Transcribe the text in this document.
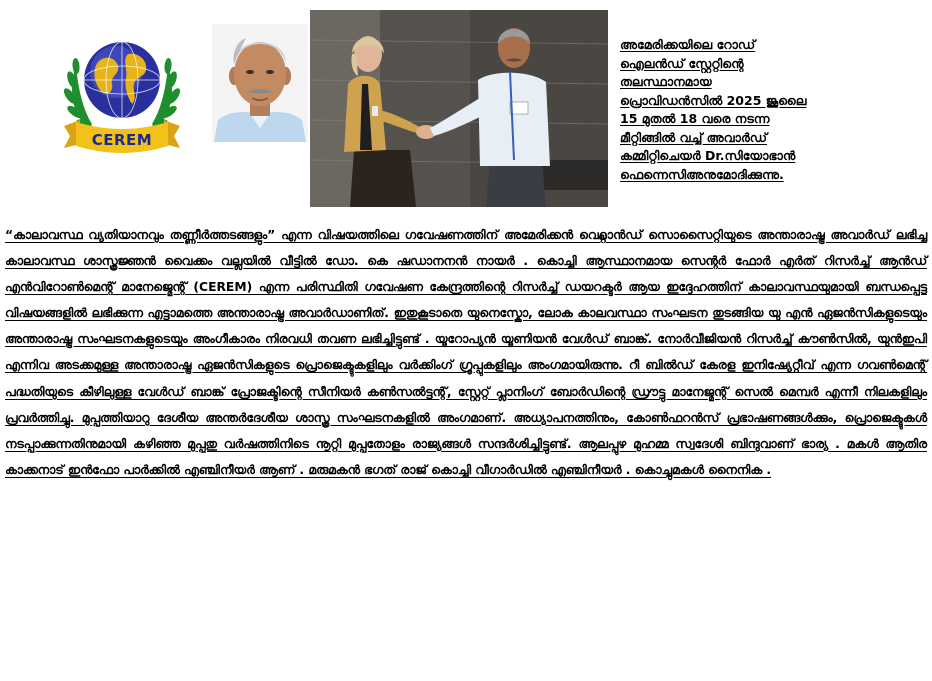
CEREM

അമേരിക്കയിലെ റോഡ്
ഐലൻഡ് സ്റ്റേറ്റിന്റെ
തലസ്ഥാനമായ
പ്രൊവിഡൻസിൽ 2025 ജൂലൈ
15 മുതൽ 18 വരെ നടന്ന
മീറ്റിങ്ങിൽ വച്ച് അവാർഡ്
കമ്മിറ്റിചെയർ Dr.സിയോഭാൻ
ഫെന്നെസിഅനുമോദിക്കുന്നു.

“കാലാവസ്ഥ വ്യതിയാനവും തണ്ണീർത്തടങ്ങളും” എന്ന വിഷയത്തിലെ ഗവേഷണത്തിന് അമേരിക്കൻ വെറ്റ്ലാൻഡ് സൊസൈറ്റിയുടെ അന്താരാഷ്ട്ര അവാർഡ് ലഭിച്ച കാലാവസ്ഥ ശാസ്ത്രജ്ഞൻ വൈക്കം വല്ലയിൽ വീട്ടിൽ ഡോ. കെ ഷഡാനനൻ നായർ . കൊച്ചി ആസ്ഥാനമായ സെന്റർ ഫോർ എർത് റിസർച്ച് ആൻഡ് എൻവിറോൺമെന്റ് മാനേജ്മെന്റ് (CEREM) എന്ന പരിസ്ഥിതി ഗവേഷണ കേന്ദ്രത്തിന്റെ റിസർച്ച് ഡയറക്ടർ ആയ ഇദ്ദേഹത്തിന് കാലാവസ്ഥയുമായി ബന്ധപ്പെട്ട വിഷയങ്ങളിൽ ലഭിക്കുന്ന എട്ടാമത്തെ അന്താരാഷ്ട്ര അവാർഡാണിത്. ഇതുകൂടാതെ യുനെസ്കോ, ലോക കാലവസ്ഥാ സംഘടന തുടങ്ങിയ യു എൻ ഏജൻസികളുടെയും അന്താരാഷ്ട്ര സംഘടനകളുടെയും അംഗീകാരം നിരവധി തവണ ലഭിച്ചിട്ടുണ്ട് . യൂറോപ്യൻ യൂണിയൻ വേൾഡ് ബാങ്ക്. നോർവീജിയൻ റിസർച്ച് കൗൺസിൽ, യുൻഇപി എന്നിവ അടക്കമുള്ള അന്താരാഷ്ട്ര ഏജൻസികളുടെ പ്രൊജെക്ടുകളിലും വർക്കിംഗ് ഗ്രൂപ്പുകളിലും അംഗമായിരുന്നു. റീ ബിൽഡ് കേരള ഇനിഷ്യേറ്റീവ് എന്ന ഗവൺമെന്റ് പദ്ധതിയുടെ കീഴിലുള്ള വേൾഡ് ബാങ്ക് പ്രോജക്ടിന്റെ സീനിയർ കൺസൽട്ടന്റ്, സ്റ്റേറ്റ് പ്ലാനിംഗ് ബോർഡിന്റെ ഡ്രൗട്ടു മാനേജ്മന്റ് സെൽ മെമ്പർ എന്നീ നിലകളിലും പ്രവർത്തിച്ചു. മുപ്പത്തിയാറു ദേശീയ അന്തർദേശീയ ശാസ്ത്ര സംഘടനകളിൽ അംഗമാണ്. അധ്യാപനത്തിനും, കോൺഫറൻസ് പ്രഭാഷണങ്ങൾക്കും, പ്രൊജെക്ടുകൾ നടപ്പാക്കുന്നതിനുമായി കഴിഞ്ഞ മുപ്പതു വർഷത്തിനിടെ നൂറ്റി മുപ്പതോളം രാജ്യങ്ങൾ സന്ദർശിച്ചിട്ടുണ്ട്. ആലപ്പുഴ മുഹമ്മ സ്വദേശി ബിന്ദുവാണ് ഭാര്യ . മകൾ ആതിര കാക്കനാട് ഇൻഫോ പാർക്കിൽ എഞ്ചിനീയർ ആണ് . മരുമകൻ ഭഗത് രാജ് കൊച്ചി വീഗാർഡിൽ എഞ്ചിനീയർ . കൊച്ചുമകൾ നൈനിക .
